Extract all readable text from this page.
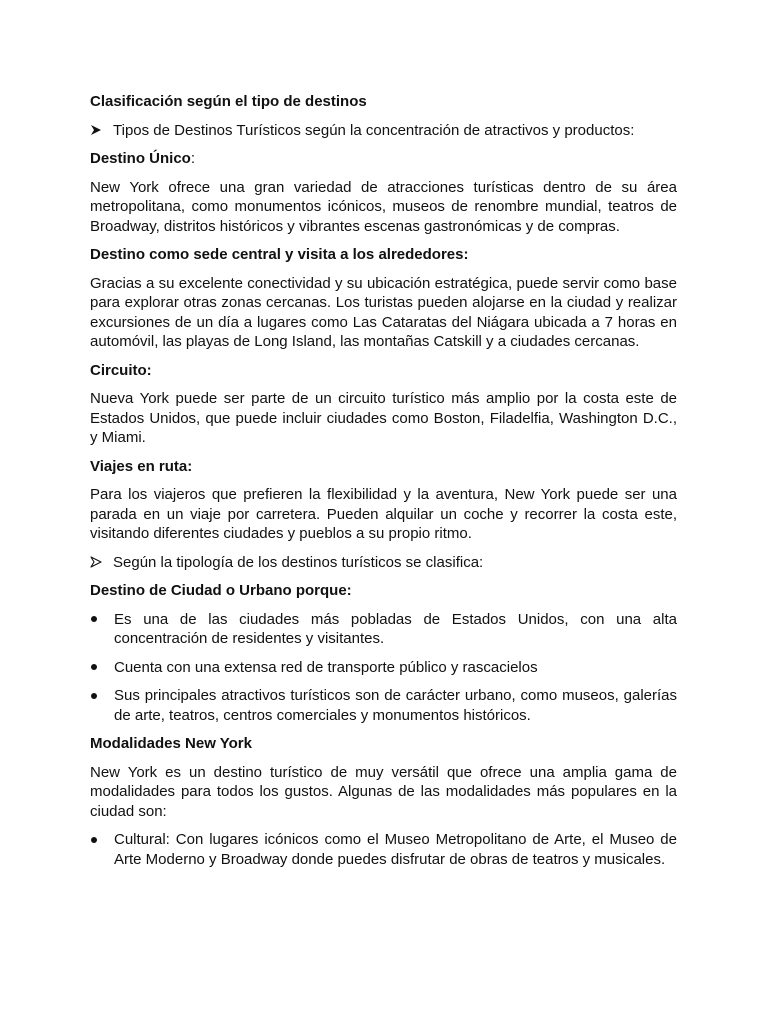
Clasificación según el tipo de destinos
Tipos de Destinos Turísticos según la concentración de atractivos y productos:
Destino Único:

New York ofrece una gran variedad de atracciones turísticas dentro de su área metropolitana, como monumentos icónicos, museos de renombre mundial, teatros de Broadway, distritos históricos y vibrantes escenas gastronómicas y de compras.

Destino como sede central y visita a los alrededores:

Gracias a su excelente conectividad y su ubicación estratégica, puede servir como base para explorar otras zonas cercanas. Los turistas pueden alojarse en la ciudad y realizar excursiones de un día a lugares como Las Cataratas del Niágara ubicada a 7 horas en automóvil, las playas de Long Island, las montañas Catskill y a ciudades cercanas.

Circuito:

Nueva York puede ser parte de un circuito turístico más amplio por la costa este de Estados Unidos, que puede incluir ciudades como Boston, Filadelfia, Washington D.C., y Miami.

Viajes en ruta:

Para los viajeros que prefieren la flexibilidad y la aventura, New York puede ser una parada en un viaje por carretera. Pueden alquilar un coche y recorrer la costa este, visitando diferentes ciudades y pueblos a su propio ritmo.

Según la tipología de los destinos turísticos se clasifica:
Destino de Ciudad o Urbano porque:
Es una de las ciudades más pobladas de Estados Unidos, con una alta concentración de residentes y visitantes.
Cuenta con una extensa red de transporte público y rascacielos
Sus principales atractivos turísticos son de carácter urbano, como museos, galerías de arte, teatros, centros comerciales y monumentos históricos.
Modalidades New York

New York es un destino turístico de muy versátil que ofrece una amplia gama de modalidades para todos los gustos. Algunas de las modalidades más populares en la ciudad son:

Cultural: Con lugares icónicos como el Museo Metropolitano de Arte, el Museo de Arte Moderno y Broadway donde puedes disfrutar de obras de teatros y musicales.
